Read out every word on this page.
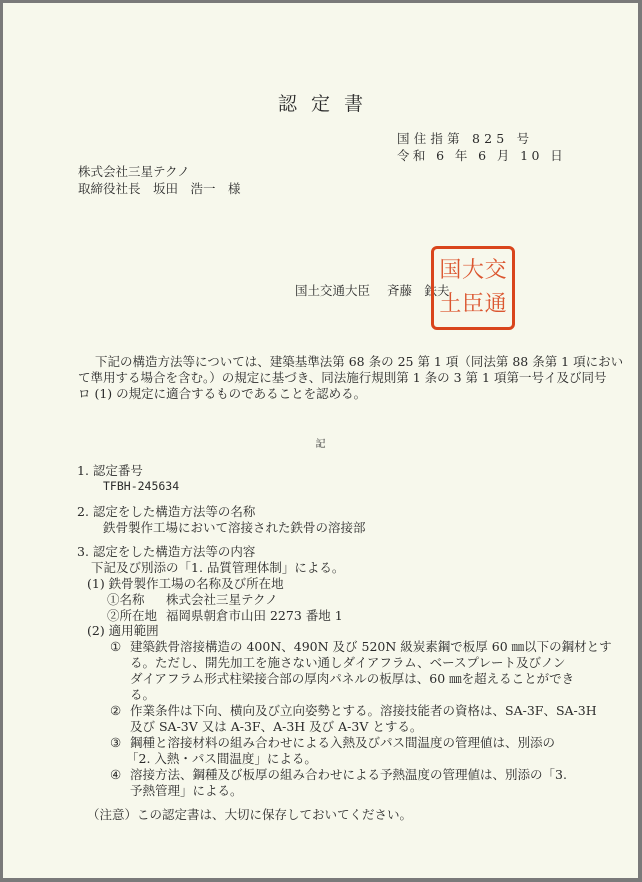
認定書
国住指第 825 号
令和 6 年 6 月 10 日
株式会社三星テクノ
取締役社長　坂田　浩一　様
国土交通大臣 斉藤　鉄夫
国 大 交
土 臣 通
下記の構造方法等については、建築基準法第 68 条の 25 第 1 項（同法第 88 条第 1 項におい
て準用する場合を含む。）の規定に基づき、同法施行規則第 1 条の 3 第 1 項第一号イ及び同号
ロ (1) の規定に適合するものであることを認める。
記
1. 認定番号
TFBH-245634
2. 認定をした構造方法等の名称
鉄骨製作工場において溶接された鉄骨の溶接部
3. 認定をした構造方法等の内容
下記及び別添の「1. 品質管理体制」による。
(1) 鉄骨製作工場の名称及び所在地
①名称 株式会社三星テクノ
②所在地 福岡県朝倉市山田 2273 番地 1
(2) 適用範囲
① 建築鉄骨溶接構造の 400N、490N 及び 520N 級炭素鋼で板厚 60 ㎜以下の鋼材とす
る。ただし、開先加工を施さない通しダイアフラム、ベースプレート及びノン
ダイアフラム形式柱梁接合部の厚肉パネルの板厚は、60 ㎜を超えることができ
る。
② 作業条件は下向、横向及び立向姿勢とする。溶接技能者の資格は、SA-3F、SA-3H
及び SA-3V 又は A-3F、A-3H 及び A-3V とする。
③ 鋼種と溶接材料の組み合わせによる入熱及びパス間温度の管理値は、別添の
「2. 入熱・パス間温度」による。
④ 溶接方法、鋼種及び板厚の組み合わせによる予熱温度の管理値は、別添の「3.
予熱管理」による。
（注意）この認定書は、大切に保存しておいてください。
